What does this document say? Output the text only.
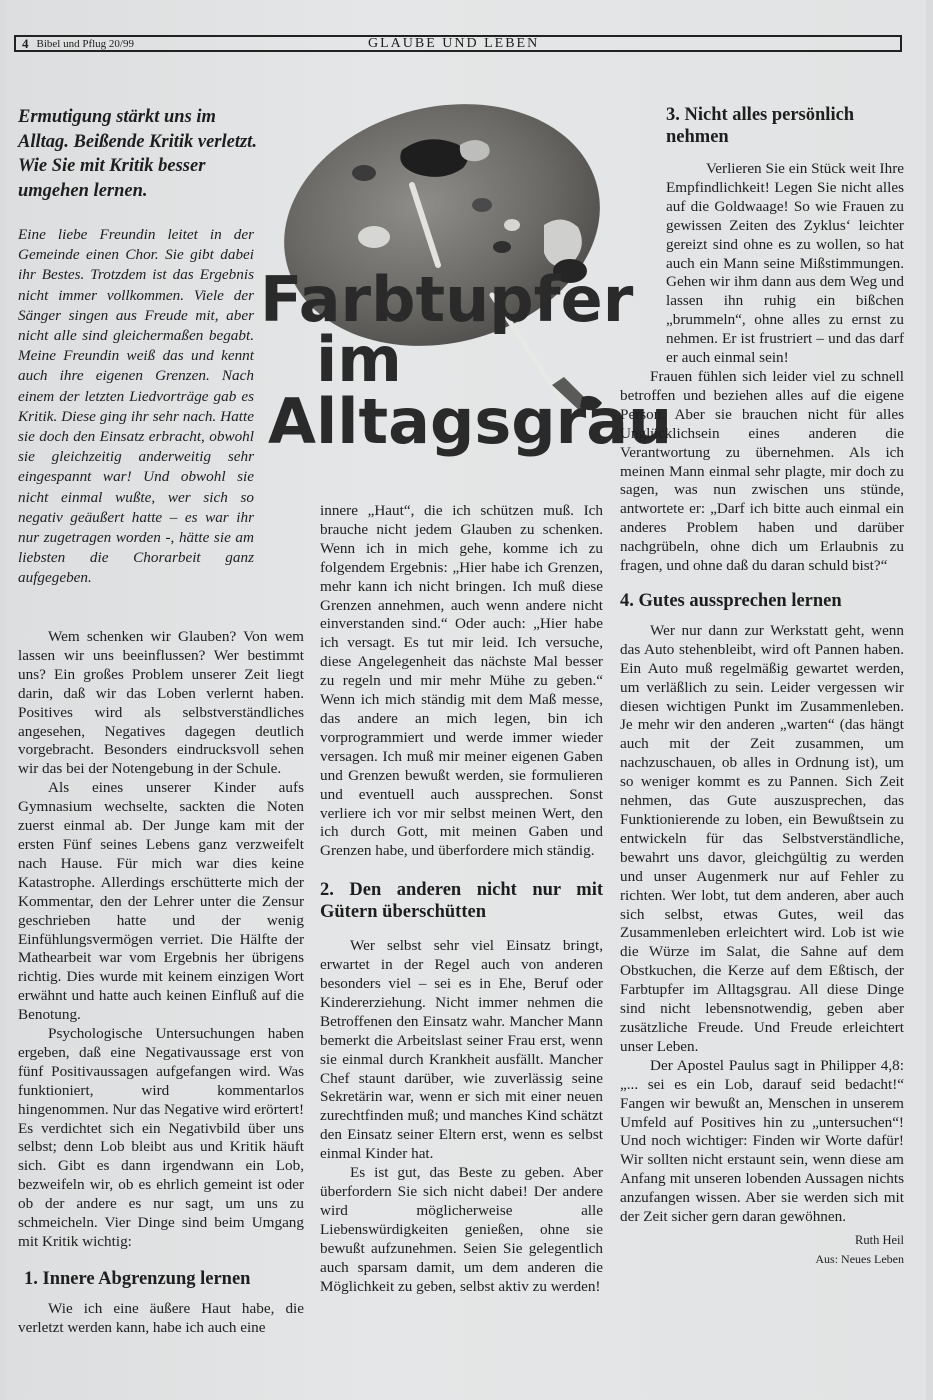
4 Bibel und Pflug 20/99	GLAUBE UND LEBEN
Farbtupfer
im
Alltagsgrau
Ermutigung stärkt uns im Alltag. Beißende Kritik verletzt. Wie Sie mit Kritik besser umgehen lernen.
Eine liebe Freundin leitet in der Gemeinde einen Chor. Sie gibt dabei ihr Bestes. Trotzdem ist das Ergebnis nicht immer vollkommen. Viele der Sänger singen aus Freude mit, aber nicht alle sind gleichermaßen begabt. Meine Freundin weiß das und kennt auch ihre eigenen Grenzen. Nach einem der letzten Liedvorträge gab es Kritik. Diese ging ihr sehr nach. Hatte sie doch den Einsatz erbracht, obwohl sie gleichzeitig anderweitig sehr eingespannt war! Und obwohl sie nicht einmal wußte, wer sich so negativ geäußert hatte – es war ihr nur zugetragen worden -, hätte sie am liebsten die Chorarbeit ganz aufgegeben.

Wem schenken wir Glauben? Von wem lassen wir uns beeinflussen? Wer bestimmt uns? Ein großes Problem unserer Zeit liegt darin, daß wir das Loben verlernt haben. Positives wird als selbstverständliches angesehen, Negatives dagegen deutlich vorgebracht. Besonders eindrucksvoll sehen wir das bei der Notengebung in der Schule.

Als eines unserer Kinder aufs Gymnasium wechselte, sackten die Noten zuerst einmal ab. Der Junge kam mit der ersten Fünf seines Lebens ganz verzweifelt nach Hause. Für mich war dies keine Katastrophe. Allerdings erschütterte mich der Kommentar, den der Lehrer unter die Zensur geschrieben hatte und der wenig Einfühlungsvermögen verriet. Die Hälfte der Mathearbeit war vom Ergebnis her übrigens richtig. Dies wurde mit keinem einzigen Wort erwähnt und hatte auch keinen Einfluß auf die Benotung.

Psychologische Untersuchungen haben ergeben, daß eine Negativaussage erst von fünf Positivaussagen aufgefangen wird. Was funktioniert, wird kommentarlos hingenommen. Nur das Negative wird erörtert! Es verdichtet sich ein Negativbild über uns selbst; denn Lob bleibt aus und Kritik häuft sich. Gibt es dann irgendwann ein Lob, bezweifeln wir, ob es ehrlich gemeint ist oder ob der andere es nur sagt, um uns zu schmeicheln. Vier Dinge sind beim Umgang mit Kritik wichtig:

1. Innere Abgrenzung lernen

Wie ich eine äußere Haut habe, die verletzt werden kann, habe ich auch eine

innere „Haut“, die ich schützen muß. Ich brauche nicht jedem Glauben zu schenken. Wenn ich in mich gehe, komme ich zu folgendem Ergebnis: „Hier habe ich Grenzen, mehr kann ich nicht bringen. Ich muß diese Grenzen annehmen, auch wenn andere nicht einverstanden sind.“ Oder auch: „Hier habe ich versagt. Es tut mir leid. Ich versuche, diese Angelegenheit das nächste Mal besser zu regeln und mir mehr Mühe zu geben.“ Wenn ich mich ständig mit dem Maß messe, das andere an mich legen, bin ich vorprogrammiert und werde immer wieder versagen. Ich muß mir meiner eigenen Gaben und Grenzen bewußt werden, sie formulieren und eventuell auch aussprechen. Sonst verliere ich vor mir selbst meinen Wert, den ich durch Gott, mit meinen Gaben und Grenzen habe, und überfordere mich ständig.

2. Den anderen nicht nur mit Gütern überschütten

Wer selbst sehr viel Einsatz bringt, erwartet in der Regel auch von anderen besonders viel – sei es in Ehe, Beruf oder Kindererziehung. Nicht immer nehmen die Betroffenen den Einsatz wahr. Mancher Mann bemerkt die Arbeitslast seiner Frau erst, wenn sie einmal durch Krankheit ausfällt. Mancher Chef staunt darüber, wie zuverlässig seine Sekretärin war, wenn er sich mit einer neuen zurechtfinden muß; und manches Kind schätzt den Einsatz seiner Eltern erst, wenn es selbst einmal Kinder hat.

Es ist gut, das Beste zu geben. Aber überfordern Sie sich nicht dabei! Der andere wird möglicherweise alle Liebenswürdigkeiten genießen, ohne sie bewußt aufzunehmen. Seien Sie gelegentlich auch sparsam damit, um dem anderen die Möglichkeit zu geben, selbst aktiv zu werden!

3. Nicht alles persönlich nehmen

Verlieren Sie ein Stück weit Ihre Empfindlichkeit! Legen Sie nicht alles auf die Goldwaage! So wie Frauen zu gewissen Zeiten des Zyklus‘ leichter gereizt sind ohne es zu wollen, so hat auch ein Mann seine Mißstimmungen. Gehen wir ihm dann aus dem Weg und lassen ihn ruhig ein bißchen „brummeln“, ohne alles zu ernst zu nehmen. Er ist frustriert – und das darf er auch einmal sein!

Frauen fühlen sich leider viel zu schnell betroffen und beziehen alles auf die eigene Person. Aber sie brauchen nicht für alles Unglücklichsein eines anderen die Verantwortung zu übernehmen. Als ich meinen Mann einmal sehr plagte, mir doch zu sagen, was nun zwischen uns stünde, antwortete er: „Darf ich bitte auch einmal ein anderes Problem haben und darüber nachgrübeln, ohne dich um Erlaubnis zu fragen, und ohne daß du daran schuld bist?“

4. Gutes aussprechen lernen

Wer nur dann zur Werkstatt geht, wenn das Auto stehenbleibt, wird oft Pannen haben. Ein Auto muß regelmäßig gewartet werden, um verläßlich zu sein. Leider vergessen wir diesen wichtigen Punkt im Zusammenleben. Je mehr wir den anderen „warten“ (das hängt auch mit der Zeit zusammen, um nachzuschauen, ob alles in Ordnung ist), um so weniger kommt es zu Pannen. Sich Zeit nehmen, das Gute auszusprechen, das Funktionierende zu loben, ein Bewußtsein zu entwickeln für das Selbstverständliche, bewahrt uns davor, gleichgültig zu werden und unser Augenmerk nur auf Fehler zu richten. Wer lobt, tut dem anderen, aber auch sich selbst, etwas Gutes, weil das Zusammenleben erleichtert wird. Lob ist wie die Würze im Salat, die Sahne auf dem Obstkuchen, die Kerze auf dem Eßtisch, der Farbtupfer im Alltagsgrau. All diese Dinge sind nicht lebensnotwendig, geben aber zusätzliche Freude. Und Freude erleichtert unser Leben.

Der Apostel Paulus sagt in Philipper 4,8: „... sei es ein Lob, darauf seid bedacht!“ Fangen wir bewußt an, Menschen in unserem Umfeld auf Positives hin zu „untersuchen“! Und noch wichtiger: Finden wir Worte dafür! Wir sollten nicht erstaunt sein, wenn diese am Anfang mit unseren lobenden Aussagen nichts anzufangen wissen. Aber sie werden sich mit der Zeit sicher gern daran gewöhnen.

Ruth Heil
Aus: Neues Leben
